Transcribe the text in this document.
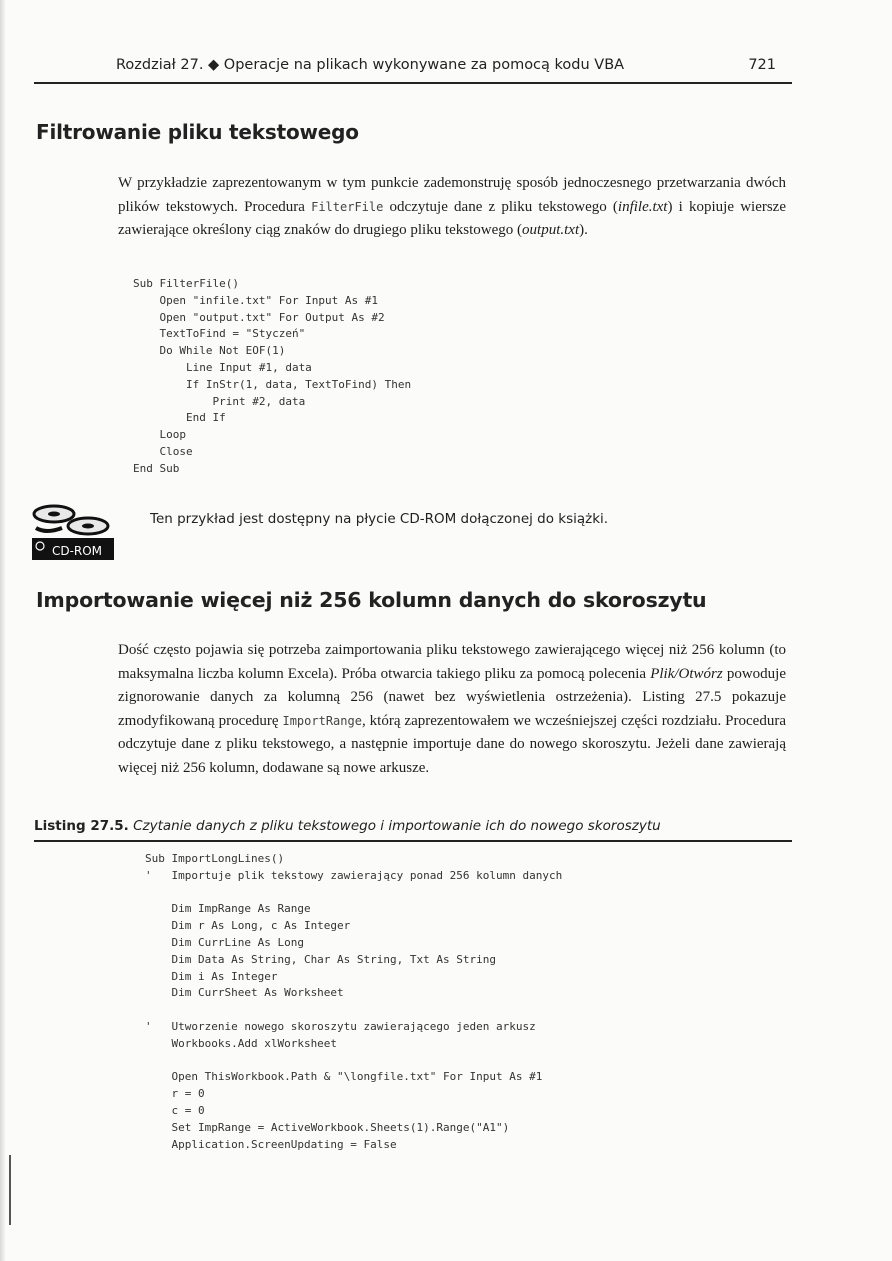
Rozdział 27. ◆ Operacje na plikach wykonywane za pomocą kodu VBA	721
Filtrowanie pliku tekstowego
W przykładzie zaprezentowanym w tym punkcie zademonstruję sposób jednoczesnego przetwarzania dwóch plików tekstowych. Procedura FilterFile odczytuje dane z pliku tekstowego (infile.txt) i kopiuje wiersze zawierające określony ciąg znaków do drugiego pliku tekstowego (output.txt).
Sub FilterFile()
Open "infile.txt" For Input As #1
Open "output.txt" For Output As #2
TextToFind = "Styczeń"
Do While Not EOF(1)
Line Input #1, data
If InStr(1, data, TextToFind) Then
Print #2, data
End If
Loop
Close
End Sub
CD-ROM
Ten przykład jest dostępny na płycie CD-ROM dołączonej do książki.
Importowanie więcej niż 256 kolumn danych do skoroszytu
Dość często pojawia się potrzeba zaimportowania pliku tekstowego zawierającego więcej niż 256 kolumn (to maksymalna liczba kolumn Excela). Próba otwarcia takiego pliku za pomocą polecenia Plik/Otwórz powoduje zignorowanie danych za kolumną 256 (nawet bez wyświetlenia ostrzeżenia). Listing 27.5 pokazuje zmodyfikowaną procedurę ImportRange, którą zaprezentowałem we wcześniejszej części rozdziału. Procedura odczytuje dane z pliku tekstowego, a następnie importuje dane do nowego skoroszytu. Jeżeli dane zawierają więcej niż 256 kolumn, dodawane są nowe arkusze.
Listing 27.5. Czytanie danych z pliku tekstowego i importowanie ich do nowego skoroszytu
Sub ImportLongLines()
'   Importuje plik tekstowy zawierający ponad 256 kolumn danych

Dim ImpRange As Range
Dim r As Long, c As Integer
Dim CurrLine As Long
Dim Data As String, Char As String, Txt As String
Dim i As Integer
Dim CurrSheet As Worksheet

'   Utworzenie nowego skoroszytu zawierającego jeden arkusz
Workbooks.Add xlWorksheet

Open ThisWorkbook.Path & "\longfile.txt" For Input As #1
r = 0
c = 0
Set ImpRange = ActiveWorkbook.Sheets(1).Range("A1")
Application.ScreenUpdating = False
